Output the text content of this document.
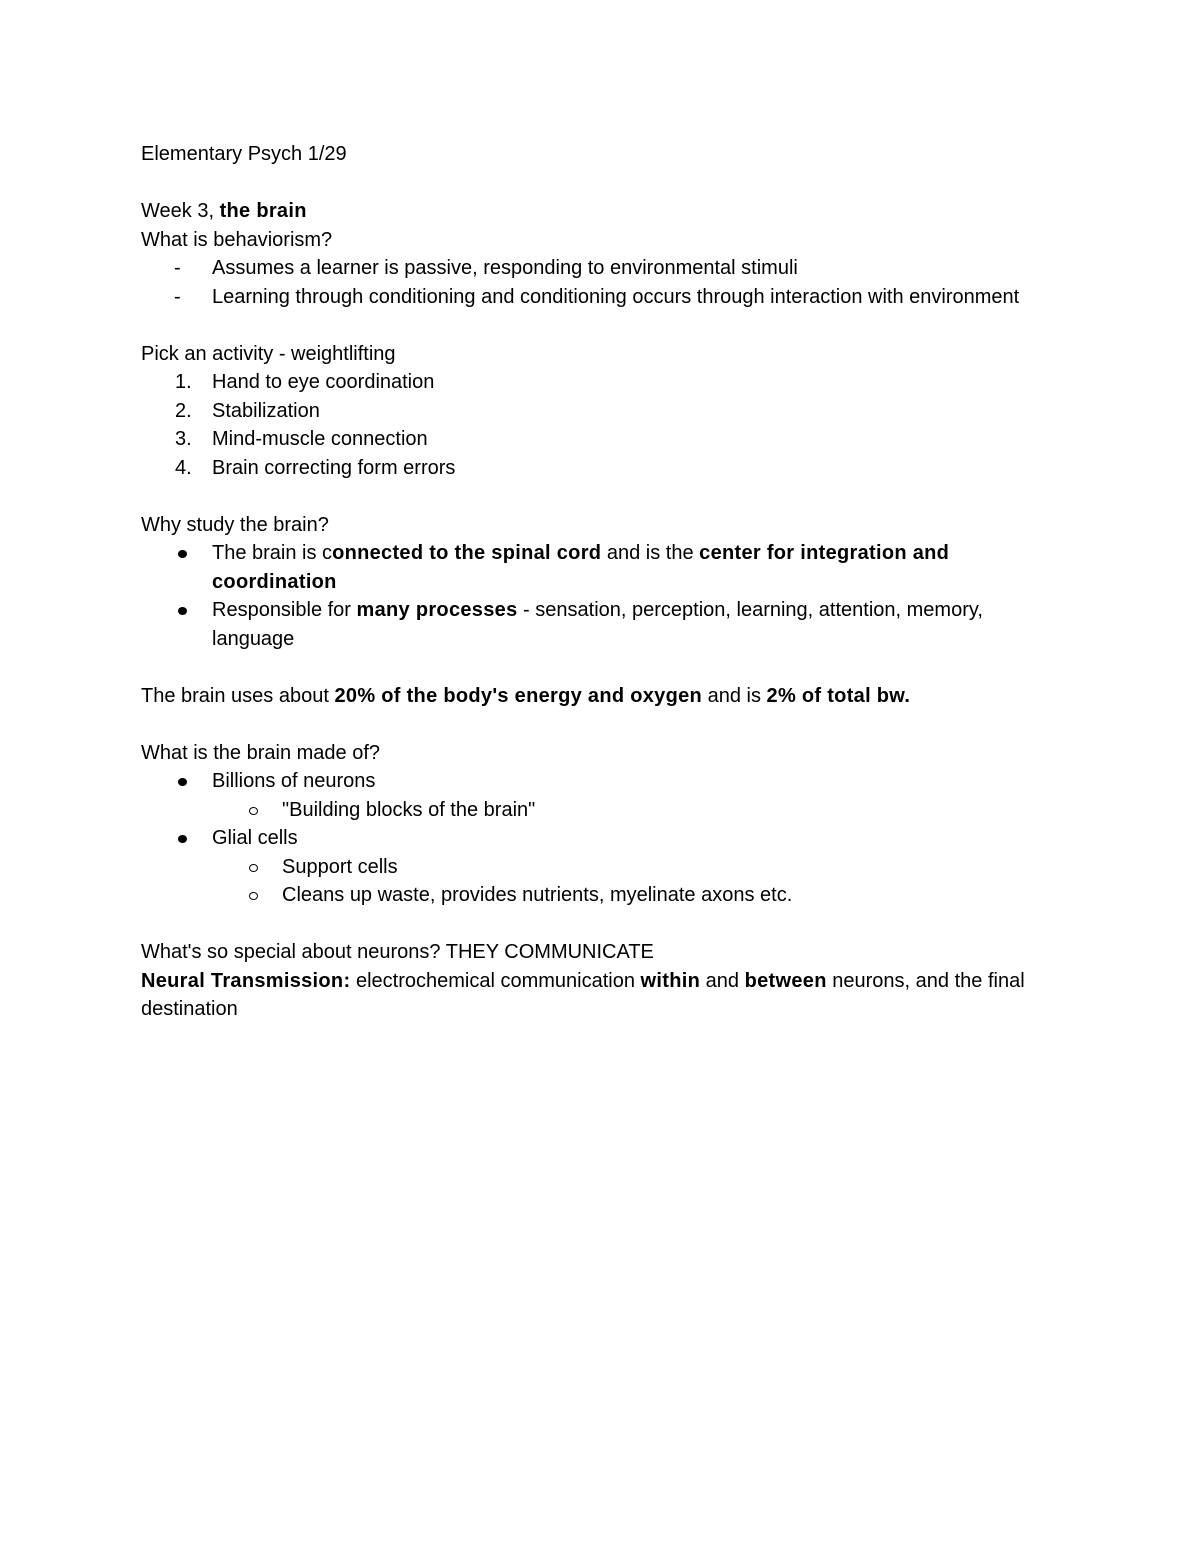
Elementary Psych 1/29

Week 3, the brain

What is behaviorism?

- Assumes a learner is passive, responding to environmental stimuli
- Learning through conditioning and conditioning occurs through interaction with environment

Pick an activity - weightlifting

1. Hand to eye coordination
2. Stabilization
3. Mind-muscle connection
4. Brain correcting form errors

Why study the brain?

The brain is connected to the spinal cord and is the center for integration and coordination
Responsible for many processes - sensation, perception, learning, attention, memory, language

The brain uses about 20% of the body's energy and oxygen and is 2% of total bw.

What is the brain made of?

Billions of neurons
"Building blocks of the brain"
Glial cells
Support cells
Cleans up waste, provides nutrients, myelinate axons etc.

What's so special about neurons? THEY COMMUNICATE

Neural Transmission: electrochemical communication within and between neurons, and the final destination
